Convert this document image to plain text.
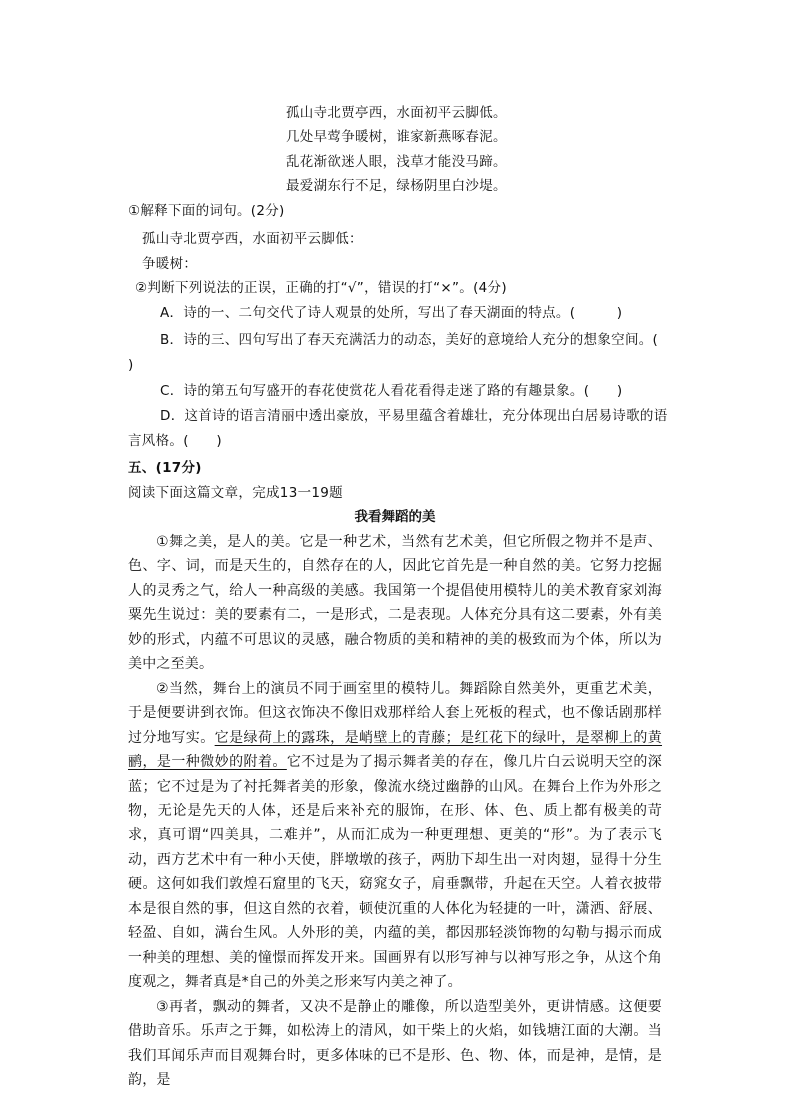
孤山寺北贾亭西，水面初平云脚低。
几处早莺争暖树，谁家新燕啄春泥。
乱花渐欲迷人眼，浅草才能没马蹄。
最爱湖东行不足，绿杨阴里白沙堤。
①解释下面的词句。(2分)
孤山寺北贾亭西，水面初平云脚低：
争暖树：
②判断下列说法的正误，正确的打“√”，错误的打“×”。(4分)
A．诗的一、二句交代了诗人观景的处所，写出了春天湖面的特点。(　　　)
B．诗的三、四句写出了春天充满活力的动态，美好的意境给人充分的想象空间。(
)
C．诗的第五句写盛开的春花使赏花人看花看得走迷了路的有趣景象。(　　)
D．这首诗的语言清丽中透出豪放，平易里蕴含着雄壮，充分体现出白居易诗歌的语
言风格。(　　)
五、(17分)
阅读下面这篇文章，完成13一19题
我看舞蹈的美

①舞之美，是人的美。它是一种艺术，当然有艺术美，但它所假之物并不是声、色、字、词，而是天生的，自然存在的人，因此它首先是一种自然的美。它努力挖掘人的灵秀之气，给人一种高级的美感。我国第一个提倡使用模特儿的美术教育家刘海粟先生说过：美的要素有二，一是形式，二是表现。人体充分具有这二要素，外有美妙的形式，内蕴不可思议的灵感，融合物质的美和精神的美的极致而为个体，所以为美中之至美。

②当然，舞台上的演员不同于画室里的模特儿。舞蹈除自然美外，更重艺术美，于是便要讲到衣饰。但这衣饰决不像旧戏那样给人套上死板的程式，也不像话剧那样过分地写实。它是绿荷上的露珠，是峭壁上的青藤；是红花下的绿叶，是翠柳上的黄鹂，是一种微妙的附着。它不过是为了揭示舞者美的存在，像几片白云说明天空的深蓝；它不过是为了衬托舞者美的形象，像流水绕过幽静的山风。在舞台上作为外形之物，无论是先天的人体，还是后来补充的服饰，在形、体、色、质上都有极美的苛求，真可谓“四美具，二难并”，从而汇成为一种更理想、更美的“形”。为了表示飞动，西方艺术中有一种小天使，胖墩墩的孩子，两肋下却生出一对肉翅，显得十分生硬。这何如我们敦煌石窟里的飞天，窈窕女子，肩垂飘带，升起在天空。人着衣披带本是很自然的事，但这自然的衣着，顿使沉重的人体化为轻捷的一叶，潇洒、舒展、轻盈、自如，满台生风。人外形的美，内蕴的美，都因那轻淡饰物的勾勒与揭示而成一种美的理想、美的憧憬而挥发开来。国画界有以形写神与以神写形之争，从这个角度观之，舞者真是*自己的外美之形来写内美之神了。

③再者，飘动的舞者，又决不是静止的雕像，所以造型美外，更讲情感。这便要借助音乐。乐声之于舞，如松涛上的清风，如干柴上的火焰，如钱塘江面的大潮。当我们耳闻乐声而目观舞台时，更多体味的已不是形、色、物、体，而是神，是情，是韵，是
